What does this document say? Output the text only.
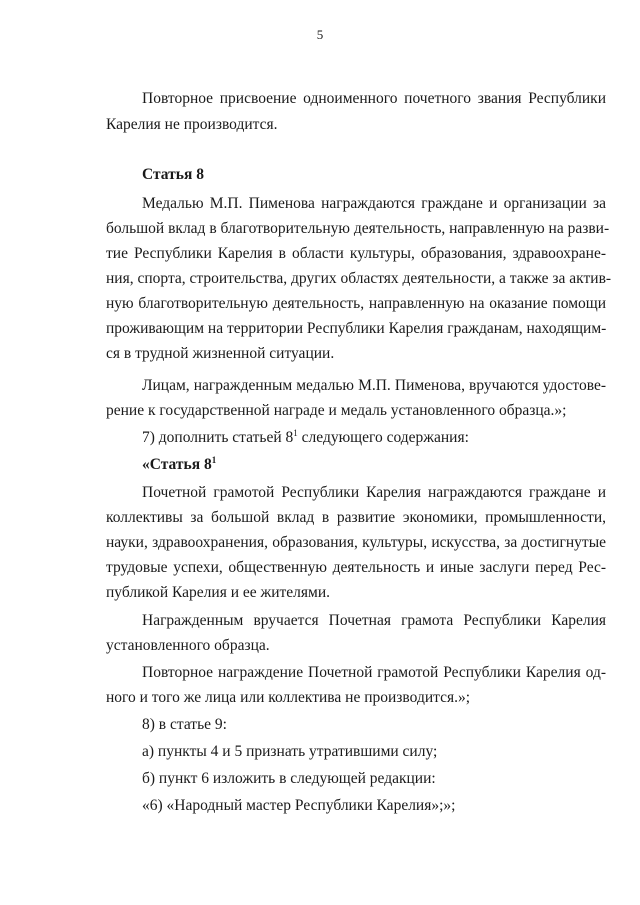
5
Повторное присвоение одноименного почетного звания Республики
Карелия не производится.
Статья 8
Медалью М.П. Пименова награждаются граждане и организации за
большой вклад в благотворительную деятельность, направленную на разви-
тие Республики Карелия в области культуры, образования, здравоохране-
ния, спорта, строительства, других областях деятельности, а также за актив-
ную благотворительную деятельность, направленную на оказание помощи
проживающим на территории Республики Карелия гражданам, находящим-
ся в трудной жизненной ситуации.
Лицам, награжденным медалью М.П. Пименова, вручаются удостове-
рение к государственной награде и медаль установленного образца.»;
7) дополнить статьей $8^1$ следующего содержания:
«Статья $8^1$
Почетной грамотой Республики Карелия награждаются граждане и
коллективы за большой вклад в развитие экономики, промышленности,
науки, здравоохранения, образования, культуры, искусства, за достигнутые
трудовые успехи, общественную деятельность и иные заслуги перед Рес-
публикой Карелия и ее жителями.
Награжденным вручается Почетная грамота Республики Карелия
установленного образца.
Повторное награждение Почетной грамотой Республики Карелия од-
ного и того же лица или коллектива не производится.»;
8) в статье 9:
а) пункты 4 и 5 признать утратившими силу;
б) пункт 6 изложить в следующей редакции:
«6) «Народный мастер Республики Карелия»;»;
